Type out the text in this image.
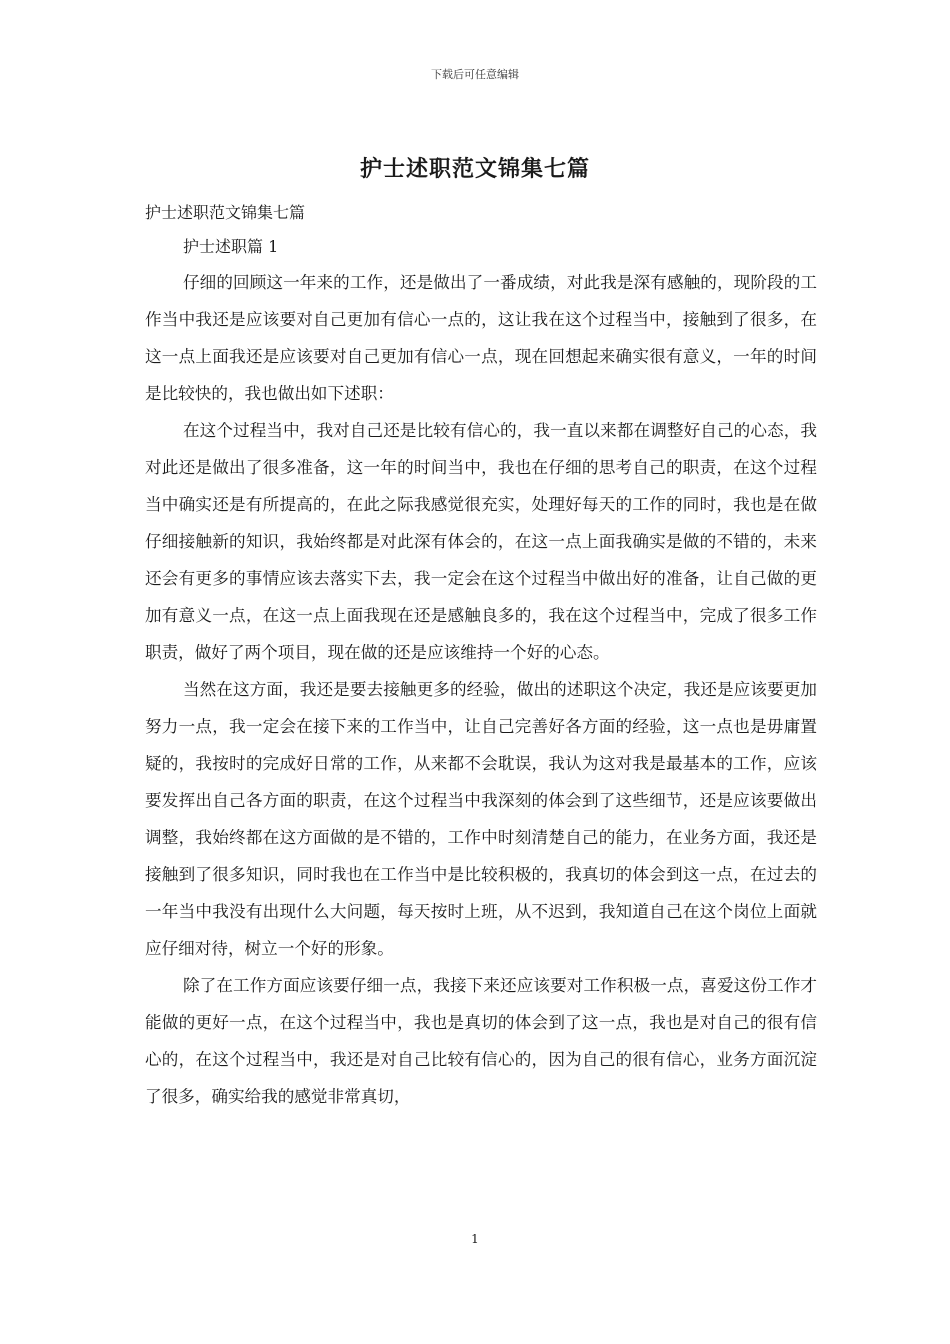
下载后可任意编辑
护士述职范文锦集七篇

护士述职范文锦集七篇

护士述职篇 1

仔细的回顾这一年来的工作，还是做出了一番成绩，对此我是深有感触的，现阶段的工作当中我还是应该要对自己更加有信心一点的，这让我在这个过程当中，接触到了很多，在这一点上面我还是应该要对自己更加有信心一点，现在回想起来确实很有意义，一年的时间是比较快的，我也做出如下述职：

在这个过程当中，我对自己还是比较有信心的，我一直以来都在调整好自己的心态，我对此还是做出了很多准备，这一年的时间当中，我也在仔细的思考自己的职责，在这个过程当中确实还是有所提高的，在此之际我感觉很充实，处理好每天的工作的同时，我也是在做仔细接触新的知识，我始终都是对此深有体会的，在这一点上面我确实是做的不错的，未来还会有更多的事情应该去落实下去，我一定会在这个过程当中做出好的准备，让自己做的更加有意义一点，在这一点上面我现在还是感触良多的，我在这个过程当中，完成了很多工作职责，做好了两个项目，现在做的还是应该维持一个好的心态。

当然在这方面，我还是要去接触更多的经验，做出的述职这个决定，我还是应该要更加努力一点，我一定会在接下来的工作当中，让自己完善好各方面的经验，这一点也是毋庸置疑的，我按时的完成好日常的工作，从来都不会耽误，我认为这对我是最基本的工作，应该要发挥出自己各方面的职责，在这个过程当中我深刻的体会到了这些细节，还是应该要做出调整，我始终都在这方面做的是不错的，工作中时刻清楚自己的能力，在业务方面，我还是接触到了很多知识，同时我也在工作当中是比较积极的，我真切的体会到这一点，在过去的一年当中我没有出现什么大问题，每天按时上班，从不迟到，我知道自己在这个岗位上面就应仔细对待，树立一个好的形象。

除了在工作方面应该要仔细一点，我接下来还应该要对工作积极一点，喜爱这份工作才能做的更好一点，在这个过程当中，我也是真切的体会到了这一点，我也是对自己的很有信心的，在这个过程当中，我还是对自己比较有信心的，因为自己的很有信心，业务方面沉淀了很多，确实给我的感觉非常真切，

1
